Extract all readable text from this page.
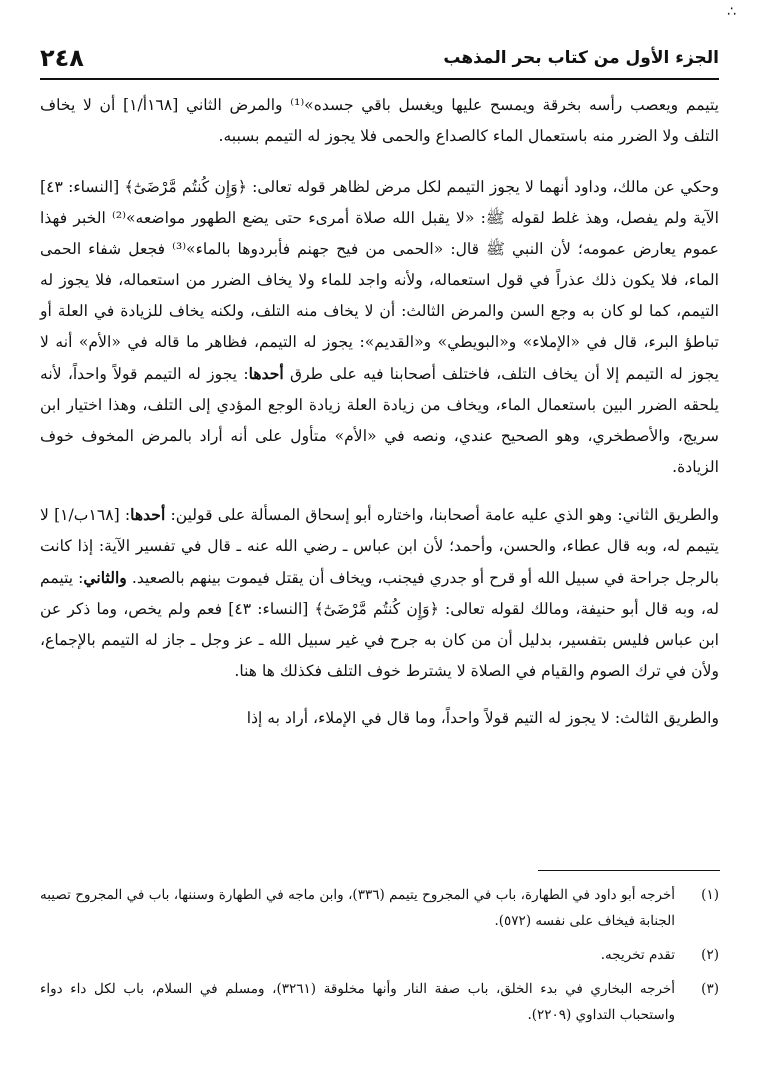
∴
٢٤٨	الجزء الأول من كتاب بحر المذهب

يتيمم ويعصب رأسه بخرقة ويمسح عليها ويغسل باقي جسده»⁽¹⁾ والمرض الثاني [١٦٨أ/١] أن لا يخاف التلف ولا الضرر منه باستعمال الماء كالصداع والحمى فلا يجوز له التيمم بسببه.

وحكي عن مالك، وداود أنهما لا يجوز التيمم لكل مرض لظاهر قوله تعالى: ﴿وَإِن كُنتُم مَّرْضَىٰٓ﴾ [النساء: ٤٣] الآية ولم يفصل، وهذ غلط لقوله ﷺ: «لا يقبل الله صلاة أمرىء حتى يضع الطهور مواضعه»⁽²⁾ الخبر فهذا عموم يعارض عمومه؛ لأن النبي ﷺ قال: «الحمى من فيح جهنم فأبردوها بالماء»⁽³⁾ فجعل شفاء الحمى الماء، فلا يكون ذلك عذراً في قول استعماله، ولأنه واجد للماء ولا يخاف الضرر من استعماله، فلا يجوز له التيمم، كما لو كان به وجع السن والمرض الثالث: أن لا يخاف منه التلف، ولكنه يخاف للزيادة في العلة أو تباطؤ البرء، قال في «الإملاء» و«البويطي» و«القديم»: يجوز له التيمم، فظاهر ما قاله في «الأم» أنه لا يجوز له التيمم إلا أن يخاف التلف، فاختلف أصحابنا فيه على طرق أحدها: يجوز له التيمم قولاً واحداً، لأنه يلحقه الضرر البين باستعمال الماء، ويخاف من زيادة العلة زيادة الوجع المؤدي إلى التلف، وهذا اختيار ابن سريج، والأصطخري، وهو الصحيح عندي، ونصه في «الأم» متأول على أنه أراد بالمرض المخوف خوف الزيادة.

والطريق الثاني: وهو الذي عليه عامة أصحابنا، واختاره أبو إسحاق المسألة على قولين: أحدها: [١٦٨ب/١] لا يتيمم له، وبه قال عطاء، والحسن، وأحمد؛ لأن ابن عباس ـ رضي الله عنه ـ قال في تفسير الآية: إذا كانت بالرجل جراحة في سبيل الله أو قرح أو جدري فيجنب، ويخاف أن يقتل فيموت بينهم بالصعيد. والثاني: يتيمم له، وبه قال أبو حنيفة، ومالك لقوله تعالى: ﴿وَإِن كُنتُم مَّرْضَىٰٓ﴾ [النساء: ٤٣] فعم ولم يخص، وما ذكر عن ابن عباس فليس بتفسير، بدليل أن من كان به جرح في غير سبيل الله ـ عز وجل ـ جاز له التيمم بالإجماع، ولأن في ترك الصوم والقيام في الصلاة لا يشترط خوف التلف فكذلك ها هنا.

والطريق الثالث: لا يجوز له التيم قولاً واحداً، وما قال في الإملاء، أراد به إذا

(١)
أخرجه أبو داود في الطهارة، باب في المجروح يتيمم (٣٣٦)، وابن ماجه في الطهارة وسننها، باب في المجروح تصيبه الجنابة فيخاف على نفسه (٥٧٢).
(٢)
تقدم تخريجه.
(٣)
أخرجه البخاري في بدء الخلق، باب صفة النار وأنها مخلوقة (٣٢٦١)، ومسلم في السلام، باب لكل داء دواء واستحباب التداوي (٢٢٠٩).
